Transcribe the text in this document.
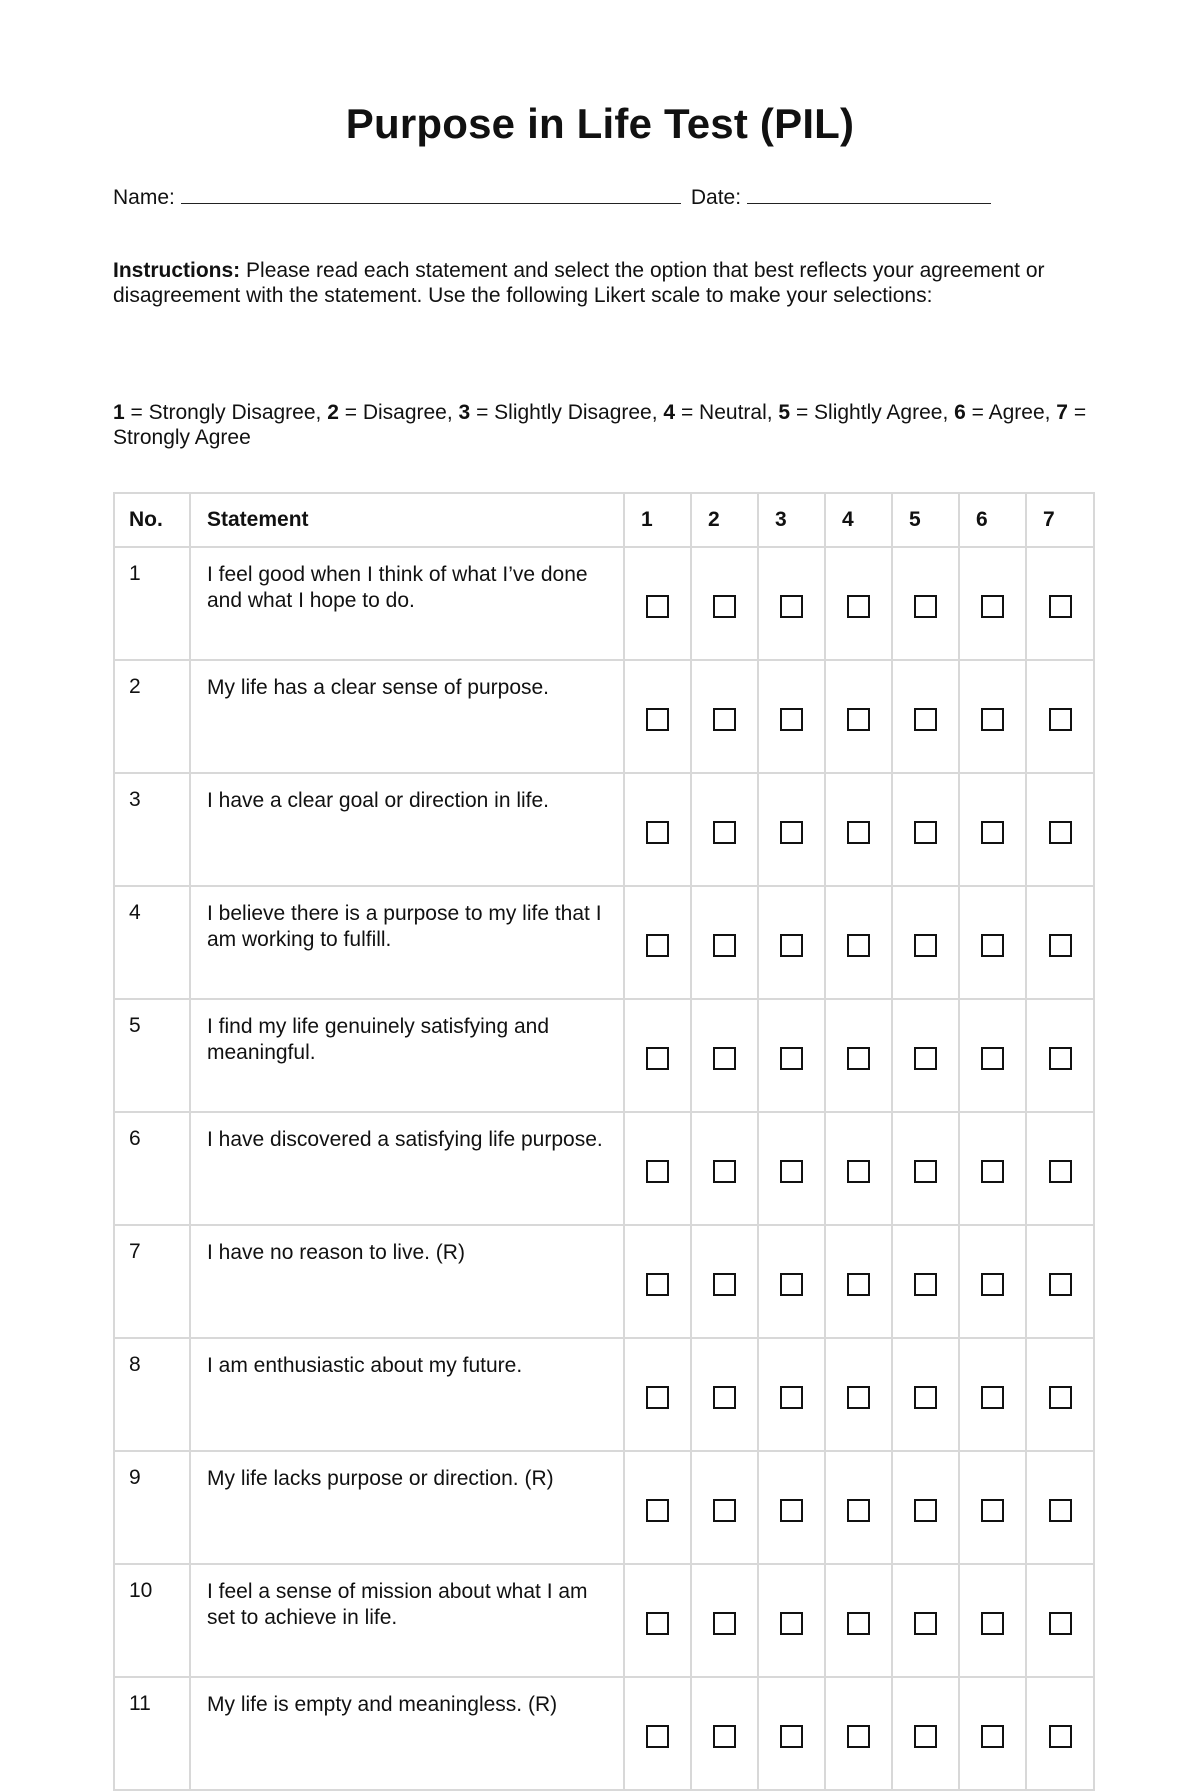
Purpose in Life Test (PIL)
Name:	Date:
Instructions: Please read each statement and select the option that best reflects your agreement or disagreement with the statement. Use the following Likert scale to make your selections:
1 = Strongly Disagree, 2 = Disagree, 3 = Slightly Disagree, 4 = Neutral, 5 = Slightly Agree, 6 = Agree, 7 = Strongly Agree
No.	Statement	1	2	3	4	5	6	7
1	I feel good when I think of what I’ve done and what I hope to do.							
2	My life has a clear sense of purpose.							
3	I have a clear goal or direction in life.							
4	I believe there is a purpose to my life that I am working to fulfill.							
5	I find my life genuinely satisfying and meaningful.							
6	I have discovered a satisfying life purpose.							
7	I have no reason to live. (R)							
8	I am enthusiastic about my future.							
9	My life lacks purpose or direction. (R)							
10	I feel a sense of mission about what I am set to achieve in life.							
11	My life is empty and meaningless. (R)							
